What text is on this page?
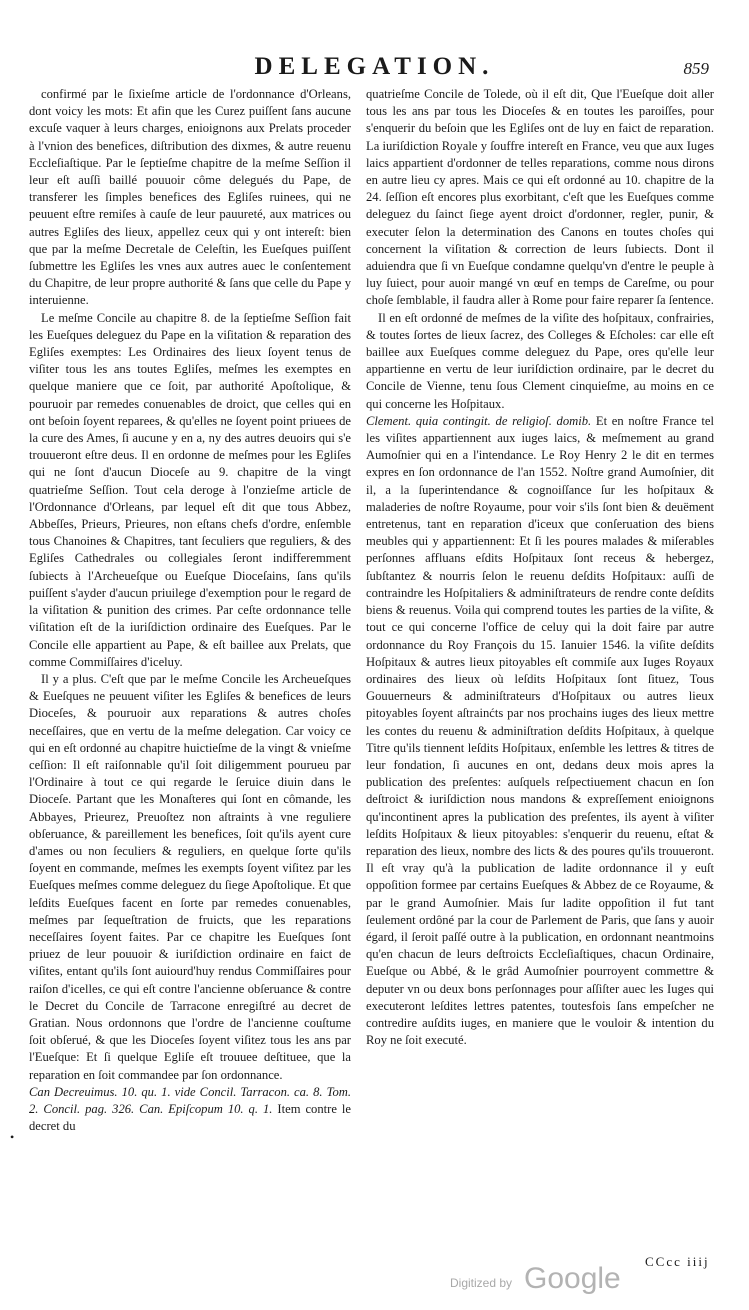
DELEGATION.	859

confirmé par le ſixieſme article de l'ordonnance d'Orleans, dont voicy les mots: Et afin que les Curez puiſſent ſans aucune excuſe vaquer à leurs charges, enioignons aux Prelats proceder à l'vnion des benefices, diſtribution des dixmes, & autre reuenu Eccleſiaſtique. Par le ſeptieſme chapitre de la meſme Seſſion il leur eſt auſſi baillé pouuoir côme delegués du Pape, de transferer les ſimples benefices des Egliſes ruinees, qui ne peuuent eſtre remiſes à cauſe de leur pauureté, aux matrices ou autres Egliſes des lieux, appellez ceux qui y ont intereſt: bien que par la meſme Decretale de Celeſtin, les Eueſques puiſſent ſubmettre les Egliſes les vnes aux autres auec le conſentement du Chapitre, de leur propre authorité & ſans que celle du Pape y interuienne.

Le meſme Concile au chapitre 8. de la ſeptieſme Seſſion fait les Eueſques deleguez du Pape en la viſitation & reparation des Egliſes exemptes: Les Ordinaires des lieux ſoyent tenus de viſiter tous les ans toutes Egliſes, meſmes les exemptes en quelque maniere que ce ſoit, par authorité Apoſtolique, & pouruoir par remedes conuenables de droict, que celles qui en ont beſoin ſoyent reparees, & qu'elles ne ſoyent point priuees de la cure des Ames, ſi aucune y en a, ny des autres deuoirs qui s'e trouueront eſtre deus. Il en ordonne de meſmes pour les Egliſes qui ne ſont d'aucun Dioceſe au 9. chapitre de la vingt quatrieſme Seſſion. Tout cela deroge à l'onzieſme article de l'Ordonnance d'Orleans, par lequel eſt dit que tous Abbez, Abbeſſes, Prieurs, Prieures, non eſtans chefs d'ordre, enſemble tous Chanoines & Chapitres, tant ſeculiers que reguliers, & des Egliſes Cathedrales ou collegiales ſeront indifferemment ſubiects à l'Archeueſque ou Eueſque Dioceſains, ſans qu'ils puiſſent s'ayder d'aucun priuilege d'exemption pour le regard de la viſitation & punition des crimes. Par ceſte ordonnance telle viſitation eſt de la iuriſdiction ordinaire des Eueſques. Par le Concile elle appartient au Pape, & eſt baillee aux Prelats, que comme Commiſſaires d'iceluy.

Il y a plus. C'eſt que par le meſme Concile les Archeueſques & Eueſques ne peuuent viſiter les Egliſes & benefices de leurs Dioceſes, & pouruoir aux reparations & autres choſes neceſſaires, que en vertu de la meſme delegation. Car voicy ce qui en eſt ordonné au chapitre huictieſme de la vingt & vnieſme ceſſion: Il eſt raiſonnable qu'il ſoit diligemment pourueu par l'Ordinaire à tout ce qui regarde le ſeruice diuin dans le Dioceſe. Partant que les Monaſteres qui ſont en cômande, les Abbayes, Prieurez, Preuoſtez non aſtraints à vne reguliere obſeruance, & pareillement les benefices, ſoit qu'ils ayent cure d'ames ou non ſeculiers & reguliers, en quelque ſorte qu'ils ſoyent en commande, meſmes les exempts ſoyent viſitez par les Eueſques meſmes comme deleguez du ſiege Apoſtolique. Et que leſdits Eueſques facent en ſorte par remedes conuenables, meſmes par ſequeſtration de fruicts, que les reparations neceſſaires ſoyent faites. Par ce chapitre les Eueſques ſont priuez de leur pouuoir & iuriſdiction ordinaire en faict de viſites, entant qu'ils ſont auiourd'huy rendus Commiſſaires pour raiſon d'icelles, ce qui eſt contre l'ancienne obſeruance & contre le Decret du Concile de Tarracone enregiſtré au decret de Gratian. Nous ordonnons que l'ordre de l'ancienne couſtume ſoit obſerué, & que les Dioceſes ſoyent viſitez tous les ans par l'Eueſque: Et ſi quelque Egliſe eſt trouuee deſtituee, que la reparation en ſoit commandee par ſon ordonnance.

Can Decreuimus. 10. qu. 1. vide Concil. Tarracon. ca. 8. Tom. 2. Concil. pag. 326. Can. Epiſcopum 10. q. 1. Item contre le decret du

quatrieſme Concile de Tolede, où il eſt dit, Que l'Eueſque doit aller tous les ans par tous les Dioceſes & en toutes les paroiſſes, pour s'enquerir du beſoin que les Egliſes ont de luy en faict de reparation. La iuriſdiction Royale y ſouffre intereſt en France, veu que aux Iuges laics appartient d'ordonner de telles reparations, comme nous dirons en autre lieu cy apres. Mais ce qui eſt ordonné au 10. chapitre de la 24. ſeſſion eſt encores plus exorbitant, c'eſt que les Eueſques comme deleguez du ſainct ſiege ayent droict d'ordonner, regler, punir, & executer ſelon la determination des Canons en toutes choſes qui concernent la viſitation & correction de leurs ſubiects. Dont il aduiendra que ſi vn Eueſque condamne quelqu'vn d'entre le peuple à luy ſuiect, pour auoir mangé vn œuf en temps de Careſme, ou pour choſe ſemblable, il faudra aller à Rome pour faire reparer ſa ſentence.

Il en eſt ordonné de meſmes de la viſite des hoſpitaux, confrairies, & toutes ſortes de lieux ſacrez, des Colleges & Eſcholes: car elle eſt baillee aux Eueſques comme deleguez du Pape, ores qu'elle leur appartienne en vertu de leur iuriſdiction ordinaire, par le decret du Concile de Vienne, tenu ſous Clement cinquieſme, au moins en ce qui concerne les Hoſpitaux.

Clement. quia contingit. de religioſ. domib. Et en noſtre France tel les viſites appartiennent aux iuges laics, & meſmement au grand Aumoſnier qui en a l'intendance. Le Roy Henry 2 le dit en termes expres en ſon ordonnance de l'an 1552. Noſtre grand Aumoſnier, dit il, a la ſuperintendance & cognoiſſance ſur les hoſpitaux & maladeries de noſtre Royaume, pour voir s'ils ſont bien & deuëment entretenus, tant en reparation d'iceux que conſeruation des biens meubles qui y appartiennent: Et ſi les poures malades & miſerables perſonnes affluans eſdits Hoſpitaux ſont receus & hebergez, ſubſtantez & nourris ſelon le reuenu deſdits Hoſpitaux: auſſi de contraindre les Hoſpitaliers & adminiſtrateurs de rendre conte deſdits biens & reuenus. Voila qui comprend toutes les parties de la viſite, & tout ce qui concerne l'office de celuy qui la doit faire par autre ordonnance du Roy François du 15. Ianuier 1546. la viſite deſdits Hoſpitaux & autres lieux pitoyables eſt commiſe aux Iuges Royaux ordinaires des lieux où leſdits Hoſpitaux ſont ſituez, Tous Gouuerneurs & adminiſtrateurs d'Hoſpitaux ou autres lieux pitoyables ſoyent aſtrainćts par nos prochains iuges des lieux mettre les contes du reuenu & adminiſtration deſdits Hoſpitaux, à quelque Titre qu'ils tiennent leſdits Hoſpitaux, enſemble les lettres & titres de leur fondation, ſi aucunes en ont, dedans deux mois apres la publication des preſentes: auſquels reſpectiuement chacun en ſon deſtroict & iuriſdiction nous mandons & expreſſement enioignons qu'incontinent apres la publication des preſentes, ils ayent à viſiter leſdits Hoſpitaux & lieux pitoyables: s'enquerir du reuenu, eſtat & reparation des lieux, nombre des licts & des poures qu'ils trouueront. Il eſt vray qu'à la publication de ladite ordonnance il y euſt oppoſition formee par certains Eueſques & Abbez de ce Royaume, & par le grand Aumoſnier. Mais ſur ladite oppoſition il fut tant ſeulement ordôné par la cour de Parlement de Paris, que ſans y auoir égard, il ſeroit paſſé outre à la publication, en ordonnant neantmoins qu'en chacun de leurs deſtroicts Eccleſiaſtiques, chacun Ordinaire, Eueſque ou Abbé, & le grâd Aumoſnier pourroyent commettre & deputer vn ou deux bons perſonnages pour aſſiſter auec les Iuges qui executeront leſdites lettres patentes, toutesfois ſans empeſcher ne contredire auſdits iuges, en maniere que le vouloir & intention du Roy ne ſoit executé.

•
CCcc iiij
Digitized by Google
